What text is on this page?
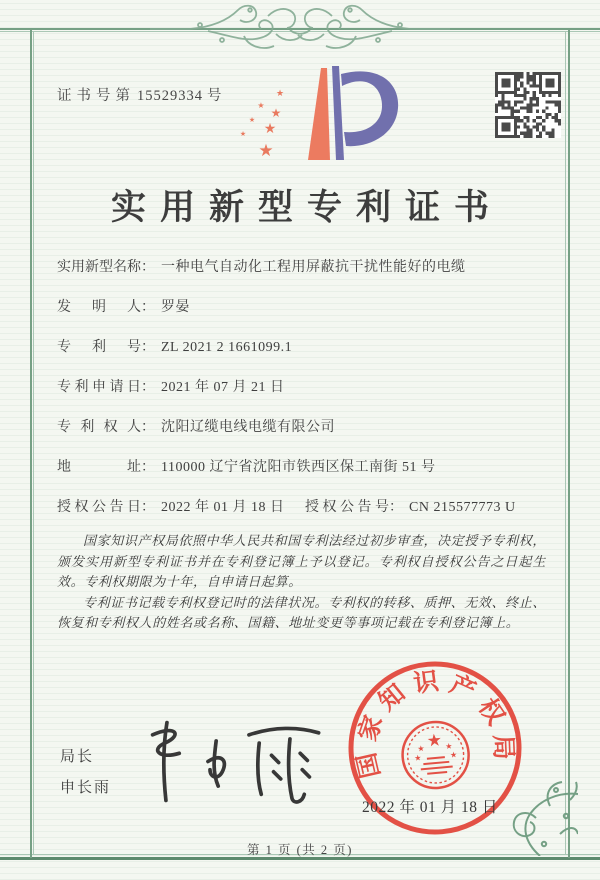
证书号第 15529334 号	★
★
★
★
★
★
★
实用新型专利证书
实用新型名称： 一种电气自动化工程用屏蔽抗干扰性能好的电缆
发明人： 罗晏
专利号： ZL 2021 2 1661099.1
专利申请日： 2021 年 07 月 21 日
专利权人： 沈阳辽缆电线电缆有限公司
地址： 110000 辽宁省沈阳市铁西区保工南街 51 号
授权公告日： 2022 年 01 月 18 日	授权公告号： CN 215577773 U

国家知识产权局依照中华人民共和国专利法经过初步审查，决定授予专利权，颁发实用新型专利证书并在专利登记簿上予以登记。专利权自授权公告之日起生效。专利权期限为十年，自申请日起算。

专利证书记载专利权登记时的法律状况。专利权的转移、质押、无效、终止、恢复和专利权人的姓名或名称、国籍、地址变更等事项记载在专利登记簿上。

局长
申长雨
国家知识产权局
★
★ ★
★	★
2022 年 01 月 18 日
第 1 页 (共 2 页)
